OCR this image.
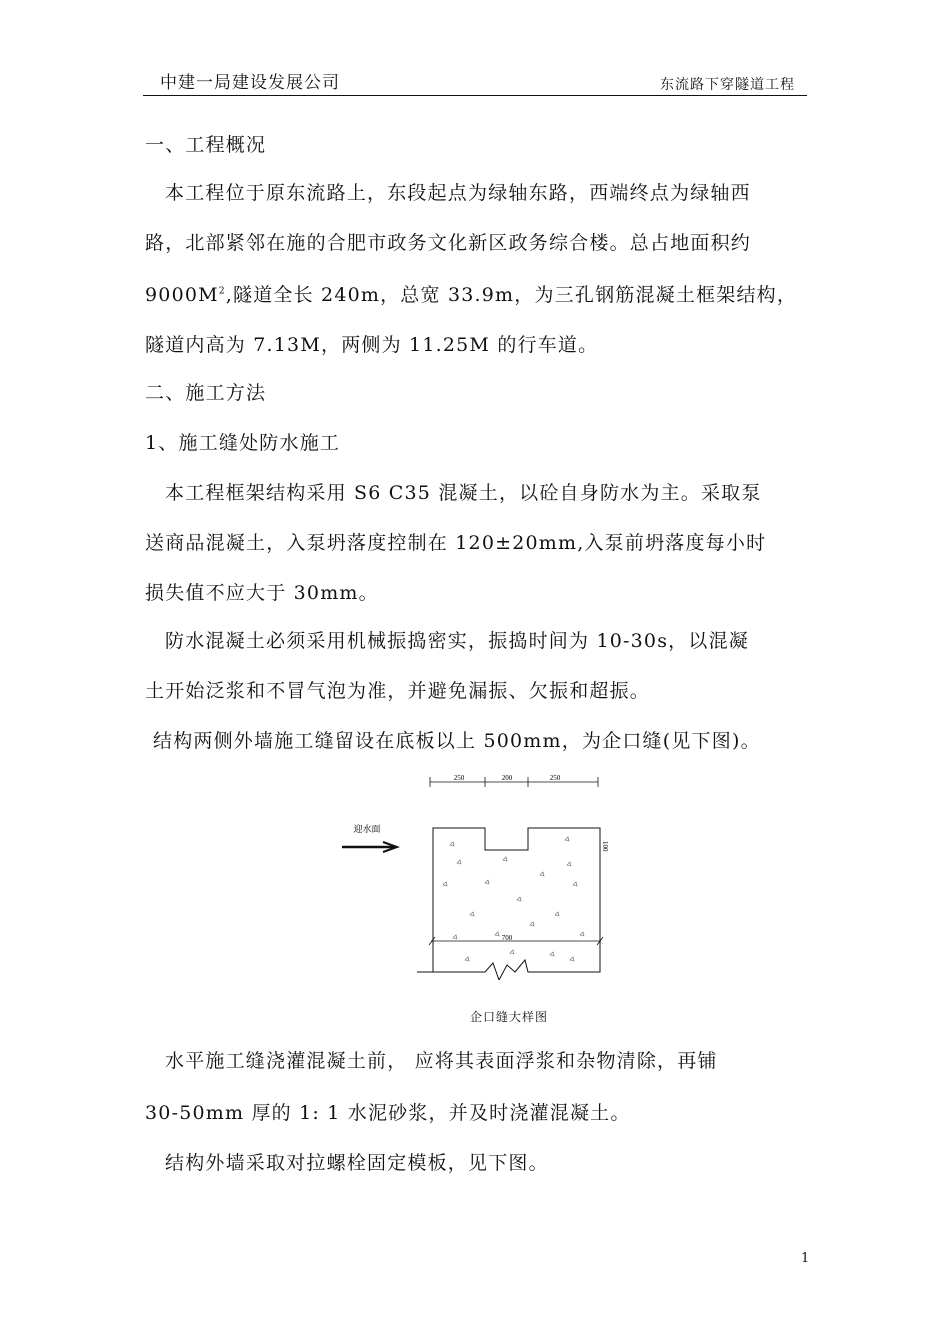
中建一局建设发展公司	东流路下穿隧道工程
一、工程概况
本工程位于原东流路上，东段起点为绿轴东路，西端终点为绿轴西
路，北部紧邻在施的合肥市政务文化新区政务综合楼。总占地面积约
$9000M^2$,隧道全长 240m，总宽 33.9m，为三孔钢筋混凝土框架结构，
隧道内高为 7.13M，两侧为 11.25M 的行车道。
二、施工方法
1、施工缝处防水施工
本工程框架结构采用 S6 C35 混凝土，以砼自身防水为主。采取泵
送商品混凝土，入泵坍落度控制在 120±20mm,入泵前坍落度每小时
损失值不应大于 30mm。
防水混凝土必须采用机械振捣密实，振捣时间为 10-30s，以混凝
土开始泛浆和不冒气泡为准，并避免漏振、欠振和超振。
结构两侧外墙施工缝留设在底板以上 500mm，为企口缝(见下图)。
250	200	250
迎水面
100
700
企口缝大样图
水平施工缝浇灌混凝土前， 应将其表面浮浆和杂物清除，再铺
30-50mm 厚的 1: 1 水泥砂浆，并及时浇灌混凝土。
结构外墙采取对拉螺栓固定模板，见下图。
1
